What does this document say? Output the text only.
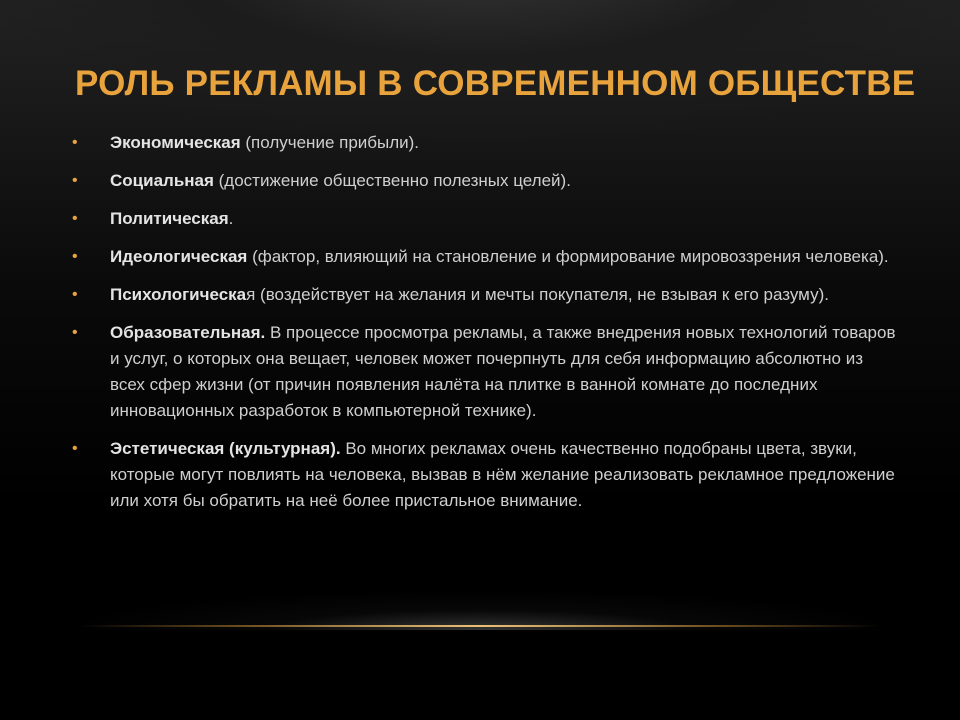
РОЛЬ РЕКЛАМЫ В СОВРЕМЕННОМ ОБЩЕСТВЕ
• Экономическая (получение прибыли).
• Социальная (достижение общественно полезных целей).
• Политическая.
• Идеологическая (фактор, влияющий на становление и формирование мировоззрения человека).
• Психологическая (воздействует на желания и мечты покупателя, не взывая к его разуму).
• Образовательная. В процессе просмотра рекламы, а также внедрения новых технологий товаров и услуг, о которых она вещает, человек может почерпнуть для себя информацию абсолютно из всех сфер жизни (от причин появления налёта на плитке в ванной комнате до последних инновационных разработок в компьютерной технике).
• Эстетическая (культурная). Во многих рекламах очень качественно подобраны цвета, звуки, которые могут повлиять на человека, вызвав в нём желание реализовать рекламное предложение или хотя бы обратить на неё более пристальное внимание.
